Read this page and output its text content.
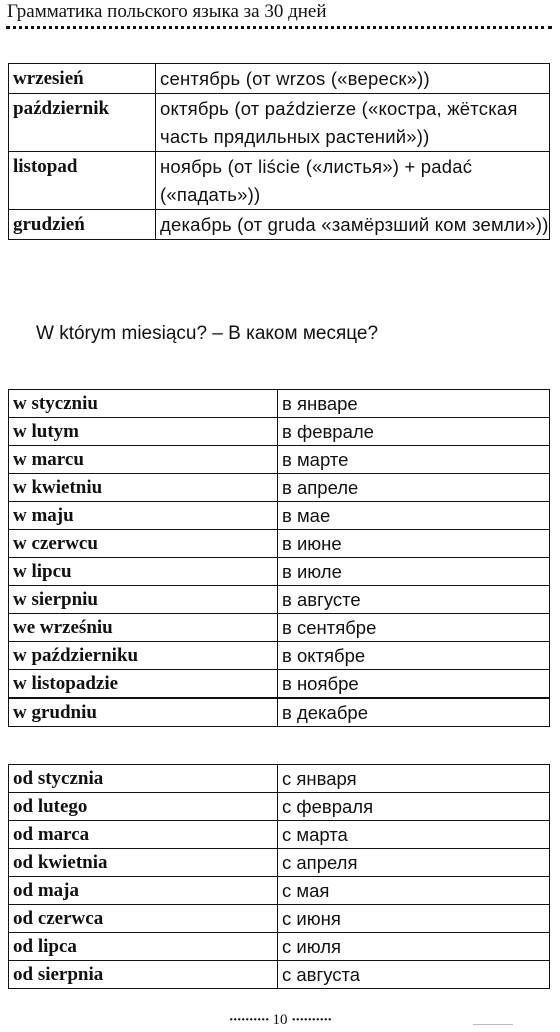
Грамматика польского языка за 30 дней
wrzesień	сентябрь (от wrzos («вереск»))
październik	октябрь (от paździerze («костра, жётская часть прядильных растений»))
listopad	ноябрь (от liście («листья») + padać («падать»))
grudzień	декабрь (от gruda «замёрзший ком земли»))
W którym miesiącu? – В каком месяце?
w styczniu	в январе
w lutym	в феврале
w marcu	в марте
w kwietniu	в апреле
w maju	в мае
w czerwcu	в июне
w lipcu	в июле
w sierpniu	в августе
we wrześniu	в сентябре
w październiku	в октябре
w listopadzie	в ноябре
w grudniu	в декабре
od stycznia	с января
od lutego	с февраля
od marca	с марта
od kwietnia	с апреля
od maja	с мая
od czerwca	с июня
od lipca	с июля
od sierpnia	с августа
····· 10 ·····
